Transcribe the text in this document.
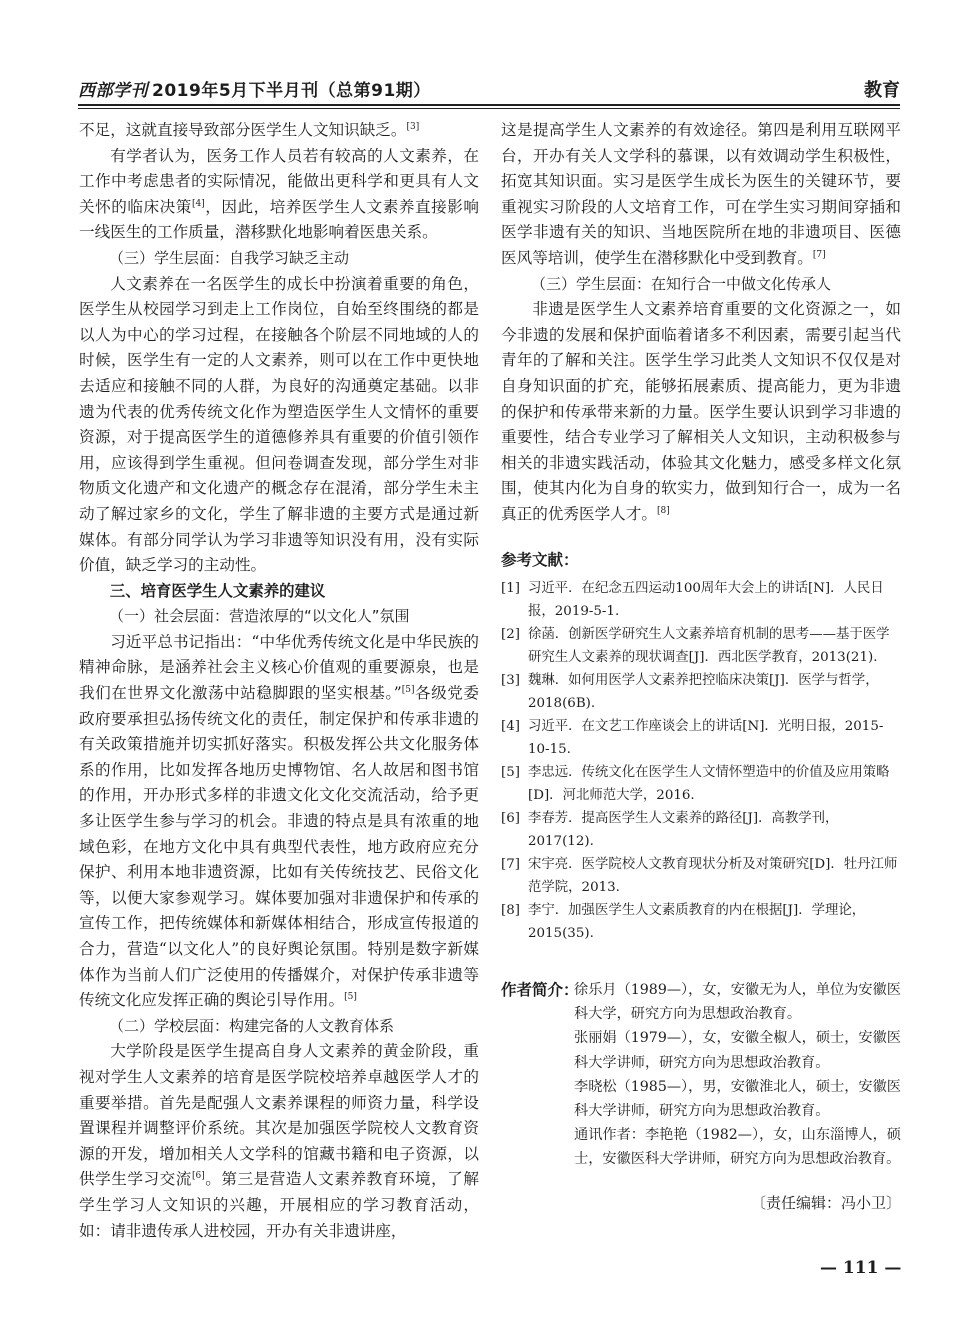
西部学刊 2019年5月下半月刊（总第91期）	教育

不足，这就直接导致部分医学生人文知识缺乏。[3]

有学者认为，医务工作人员若有较高的人文素养，在工作中考虑患者的实际情况，能做出更科学和更具有人文关怀的临床决策[4]，因此，培养医学生人文素养直接影响一线医生的工作质量，潜移默化地影响着医患关系。

（三）学生层面：自我学习缺乏主动

人文素养在一名医学生的成长中扮演着重要的角色，医学生从校园学习到走上工作岗位，自始至终围绕的都是以人为中心的学习过程，在接触各个阶层不同地域的人的时候，医学生有一定的人文素养，则可以在工作中更快地去适应和接触不同的人群，为良好的沟通奠定基础。以非遗为代表的优秀传统文化作为塑造医学生人文情怀的重要资源，对于提高医学生的道德修养具有重要的价值引领作用，应该得到学生重视。但问卷调查发现，部分学生对非物质文化遗产和文化遗产的概念存在混淆，部分学生未主动了解过家乡的文化，学生了解非遗的主要方式是通过新媒体。有部分同学认为学习非遗等知识没有用，没有实际价值，缺乏学习的主动性。

三、培育医学生人文素养的建议

（一）社会层面：营造浓厚的“以文化人”氛围

习近平总书记指出：“中华优秀传统文化是中华民族的精神命脉，是涵养社会主义核心价值观的重要源泉，也是我们在世界文化激荡中站稳脚跟的坚实根基。”[5]各级党委政府要承担弘扬传统文化的责任，制定保护和传承非遗的有关政策措施并切实抓好落实。积极发挥公共文化服务体系的作用，比如发挥各地历史博物馆、名人故居和图书馆的作用，开办形式多样的非遗文化文化交流活动，给予更多让医学生参与学习的机会。非遗的特点是具有浓重的地域色彩，在地方文化中具有典型代表性，地方政府应充分保护、利用本地非遗资源，比如有关传统技艺、民俗文化等，以便大家参观学习。媒体要加强对非遗保护和传承的宣传工作，把传统媒体和新媒体相结合，形成宣传报道的合力，营造“以文化人”的良好舆论氛围。特别是数字新媒体作为当前人们广泛使用的传播媒介，对保护传承非遗等传统文化应发挥正确的舆论引导作用。[5]

（二）学校层面：构建完备的人文教育体系

大学阶段是医学生提高自身人文素养的黄金阶段，重视对学生人文素养的培育是医学院校培养卓越医学人才的重要举措。首先是配强人文素养课程的师资力量，科学设置课程并调整评价系统。其次是加强医学院校人文教育资源的开发，增加相关人文学科的馆藏书籍和电子资源，以供学生学习交流[6]。第三是营造人文素养教育环境，了解学生学习人文知识的兴趣，开展相应的学习教育活动，如：请非遗传承人进校园，开办有关非遗讲座，

这是提高学生人文素养的有效途径。第四是利用互联网平台，开办有关人文学科的慕课，以有效调动学生积极性，拓宽其知识面。实习是医学生成长为医生的关键环节，要重视实习阶段的人文培育工作，可在学生实习期间穿插和医学非遗有关的知识、当地医院所在地的非遗项目、医德医风等培训，使学生在潜移默化中受到教育。[7]

（三）学生层面：在知行合一中做文化传承人

非遗是医学生人文素养培育重要的文化资源之一，如今非遗的发展和保护面临着诸多不利因素，需要引起当代青年的了解和关注。医学生学习此类人文知识不仅仅是对自身知识面的扩充，能够拓展素质、提高能力，更为非遗的保护和传承带来新的力量。医学生要认识到学习非遗的重要性，结合专业学习了解相关人文知识，主动积极参与相关的非遗实践活动，体验其文化魅力，感受多样文化氛围，使其内化为自身的软实力，做到知行合一，成为一名真正的优秀医学人才。[8]

参考文献：

[1] 习近平．在纪念五四运动100周年大会上的讲话[N]．人民日报，2019-5-1.

[2] 徐菡．创新医学研究生人文素养培育机制的思考——基于医学研究生人文素养的现状调查[J]．西北医学教育，2013(21).

[3] 魏琳．如何用医学人文素养把控临床决策[J]．医学与哲学，2018(6B).

[4] 习近平．在文艺工作座谈会上的讲话[N]．光明日报，2015-10-15.

[5] 李忠远．传统文化在医学生人文情怀塑造中的价值及应用策略[D]．河北师范大学，2016.

[6] 李春芳．提高医学生人文素养的路径[J]．高教学刊，2017(12).

[7] 宋宇亮．医学院校人文教育现状分析及对策研究[D]．牡丹江师范学院，2013.

[8] 李宁．加强医学生人文素质教育的内在根据[J]．学理论，2015(35).

作者简介：

徐乐月（1989—），女，安徽无为人，单位为安徽医科大学，研究方向为思想政治教育。

张丽娟（1979—），女，安徽全椒人，硕士，安徽医科大学讲师，研究方向为思想政治教育。

李晓松（1985—），男，安徽淮北人，硕士，安徽医科大学讲师，研究方向为思想政治教育。

通讯作者：李艳艳（1982—），女，山东淄博人，硕士，安徽医科大学讲师，研究方向为思想政治教育。

〔责任编辑：冯小卫〕
— 111 —
